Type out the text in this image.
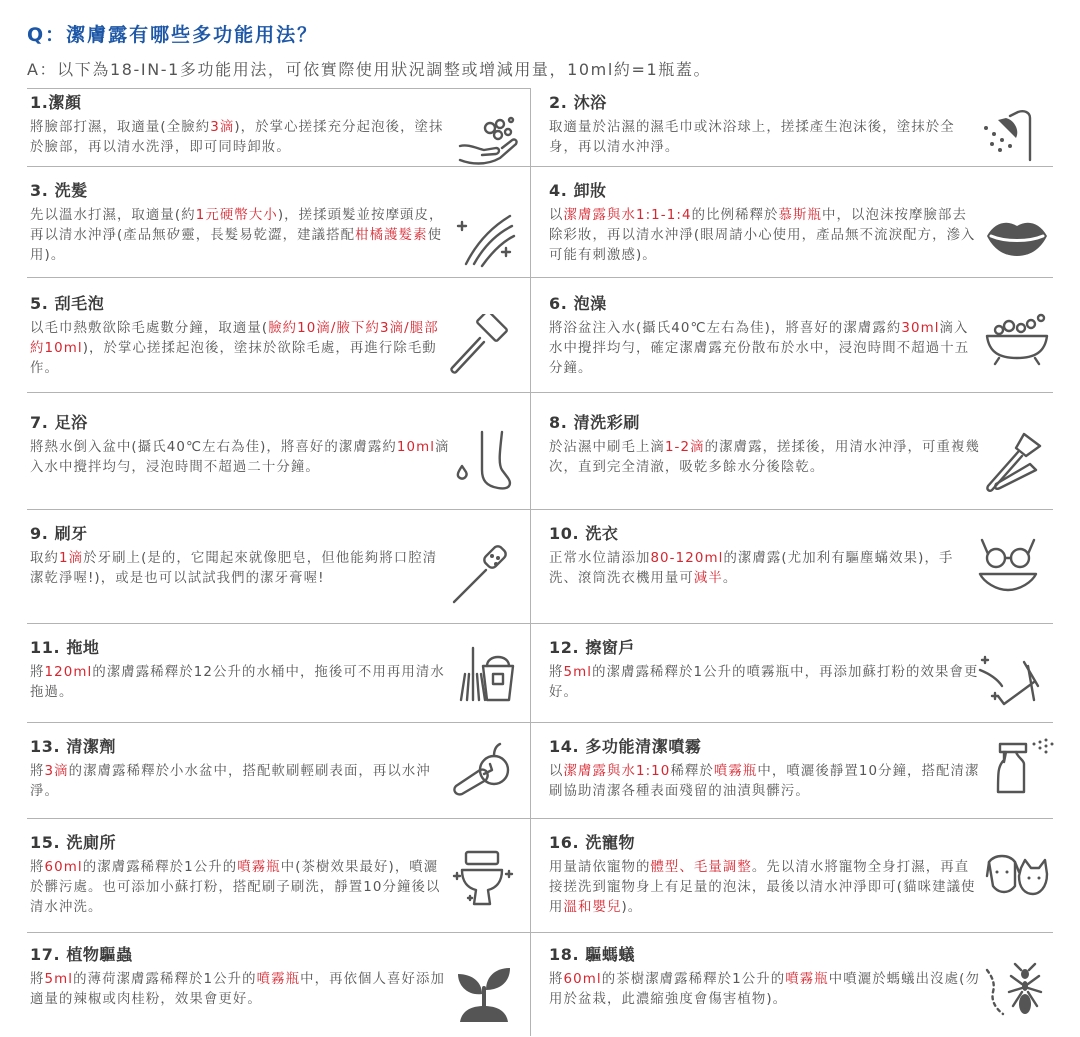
Q：潔膚露有哪些多功能用法？
A：以下為18-IN-1多功能用法，可依實際使用狀況調整或增減用量，10ml約=1瓶蓋。
1.潔顏
將臉部打濕，取適量(全臉約3滴)，於掌心搓揉充分起泡後，塗抹於臉部，再以清水洗淨，即可同時卸妝。
2. 沐浴
取適量於沾濕的濕毛巾或沐浴球上，搓揉產生泡沫後，塗抹於全身，再以清水沖淨。
3. 洗髮
先以溫水打濕，取適量(約1元硬幣大小)，搓揉頭髮並按摩頭皮，再以清水沖淨(產品無矽靈，長髮易乾澀，建議搭配柑橘護髮素使用)。
4. 卸妝
以潔膚露與水1:1-1:4的比例稀釋於慕斯瓶中，以泡沫按摩臉部去除彩妝，再以清水沖淨(眼周請小心使用，產品無不流淚配方，滲入可能有刺激感)。
5. 刮毛泡
以毛巾熱敷欲除毛處數分鐘，取適量(臉約10滴/腋下約3滴/腿部約10ml)，於掌心搓揉起泡後，塗抹於欲除毛處，再進行除毛動作。
6. 泡澡
將浴盆注入水(攝氏40℃左右為佳)，將喜好的潔膚露約30ml滴入水中攪拌均勻，確定潔膚露充份散布於水中，浸泡時間不超過十五分鐘。
7. 足浴
將熱水倒入盆中(攝氏40℃左右為佳)，將喜好的潔膚露約10ml滴入水中攪拌均勻，浸泡時間不超過二十分鐘。
8. 清洗彩刷
於沾濕中刷毛上滴1-2滴的潔膚露，搓揉後，用清水沖淨，可重複幾次，直到完全清澈，吸乾多餘水分後陰乾。
9. 刷牙
取約1滴於牙刷上(是的，它聞起來就像肥皂，但他能夠將口腔清潔乾淨喔!)，或是也可以試試我們的潔牙膏喔!
10. 洗衣
正常水位請添加80-120ml的潔膚露(尤加利有驅塵蟎效果)，手洗、滾筒洗衣機用量可減半。
11. 拖地
將120ml的潔膚露稀釋於12公升的水桶中，拖後可不用再用清水拖過。
12. 擦窗戶
將5ml的潔膚露稀釋於1公升的噴霧瓶中，再添加蘇打粉的效果會更好。
13. 清潔劑
將3滴的潔膚露稀釋於小水盆中，搭配軟刷輕刷表面，再以水沖淨。
14. 多功能清潔噴霧
以潔膚露與水1:10稀釋於噴霧瓶中，噴灑後靜置10分鐘，搭配清潔刷協助清潔各種表面殘留的油漬與髒污。
15. 洗廁所
將60ml的潔膚露稀釋於1公升的噴霧瓶中(茶樹效果最好)，噴灑於髒污處。也可添加小蘇打粉，搭配刷子刷洗，靜置10分鐘後以清水沖洗。
16. 洗寵物
用量請依寵物的體型、毛量調整。先以清水將寵物全身打濕，再直接搓洗到寵物身上有足量的泡沫，最後以清水沖淨即可(貓咪建議使用溫和嬰兒)。
17. 植物驅蟲
將5ml的薄荷潔膚露稀釋於1公升的噴霧瓶中，再依個人喜好添加適量的辣椒或肉桂粉，效果會更好。
18. 驅螞蟻
將60ml的茶樹潔膚露稀釋於1公升的噴霧瓶中噴灑於螞蟻出沒處(勿用於盆栽，此濃縮強度會傷害植物)。
